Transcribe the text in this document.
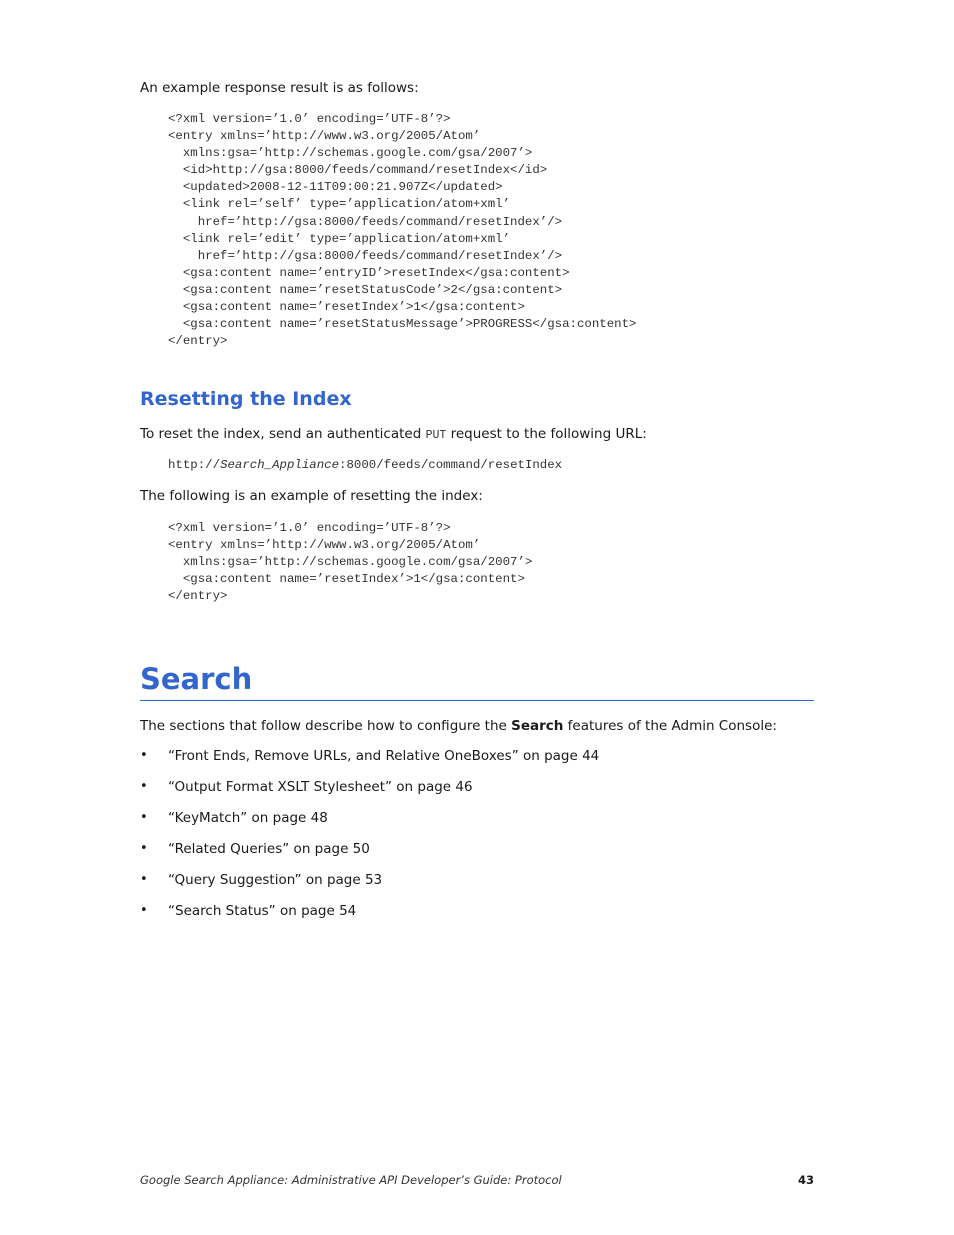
An example response result is as follows:

<?xml version=’1.0’ encoding=’UTF-8’?>
<entry xmlns=’http://www.w3.org/2005/Atom’
xmlns:gsa=’http://schemas.google.com/gsa/2007’>
<id>http://gsa:8000/feeds/command/resetIndex</id>
<updated>2008-12-11T09:00:21.907Z</updated>
<link rel=’self’ type=’application/atom+xml’
href=’http://gsa:8000/feeds/command/resetIndex’/>
<link rel=’edit’ type=’application/atom+xml’
href=’http://gsa:8000/feeds/command/resetIndex’/>
<gsa:content name=’entryID’>resetIndex</gsa:content>
<gsa:content name=’resetStatusCode’>2</gsa:content>
<gsa:content name=’resetIndex’>1</gsa:content>
<gsa:content name=’resetStatusMessage’>PROGRESS</gsa:content>
</entry>
Resetting the Index

To reset the index, send an authenticated PUT request to the following URL:

http://Search_Appliance:8000/feeds/command/resetIndex

The following is an example of resetting the index:

<?xml version=’1.0’ encoding=’UTF-8’?>
<entry xmlns=’http://www.w3.org/2005/Atom’
xmlns:gsa=’http://schemas.google.com/gsa/2007’>
<gsa:content name=’resetIndex’>1</gsa:content>
</entry>
Search

The sections that follow describe how to configure the Search features of the Admin Console:

• “Front Ends, Remove URLs, and Relative OneBoxes” on page 44
• “Output Format XSLT Stylesheet” on page 46
• “KeyMatch” on page 48
• “Related Queries” on page 50
• “Query Suggestion” on page 53
• “Search Status” on page 54

Google Search Appliance: Administrative API Developer’s Guide: Protocol	43
